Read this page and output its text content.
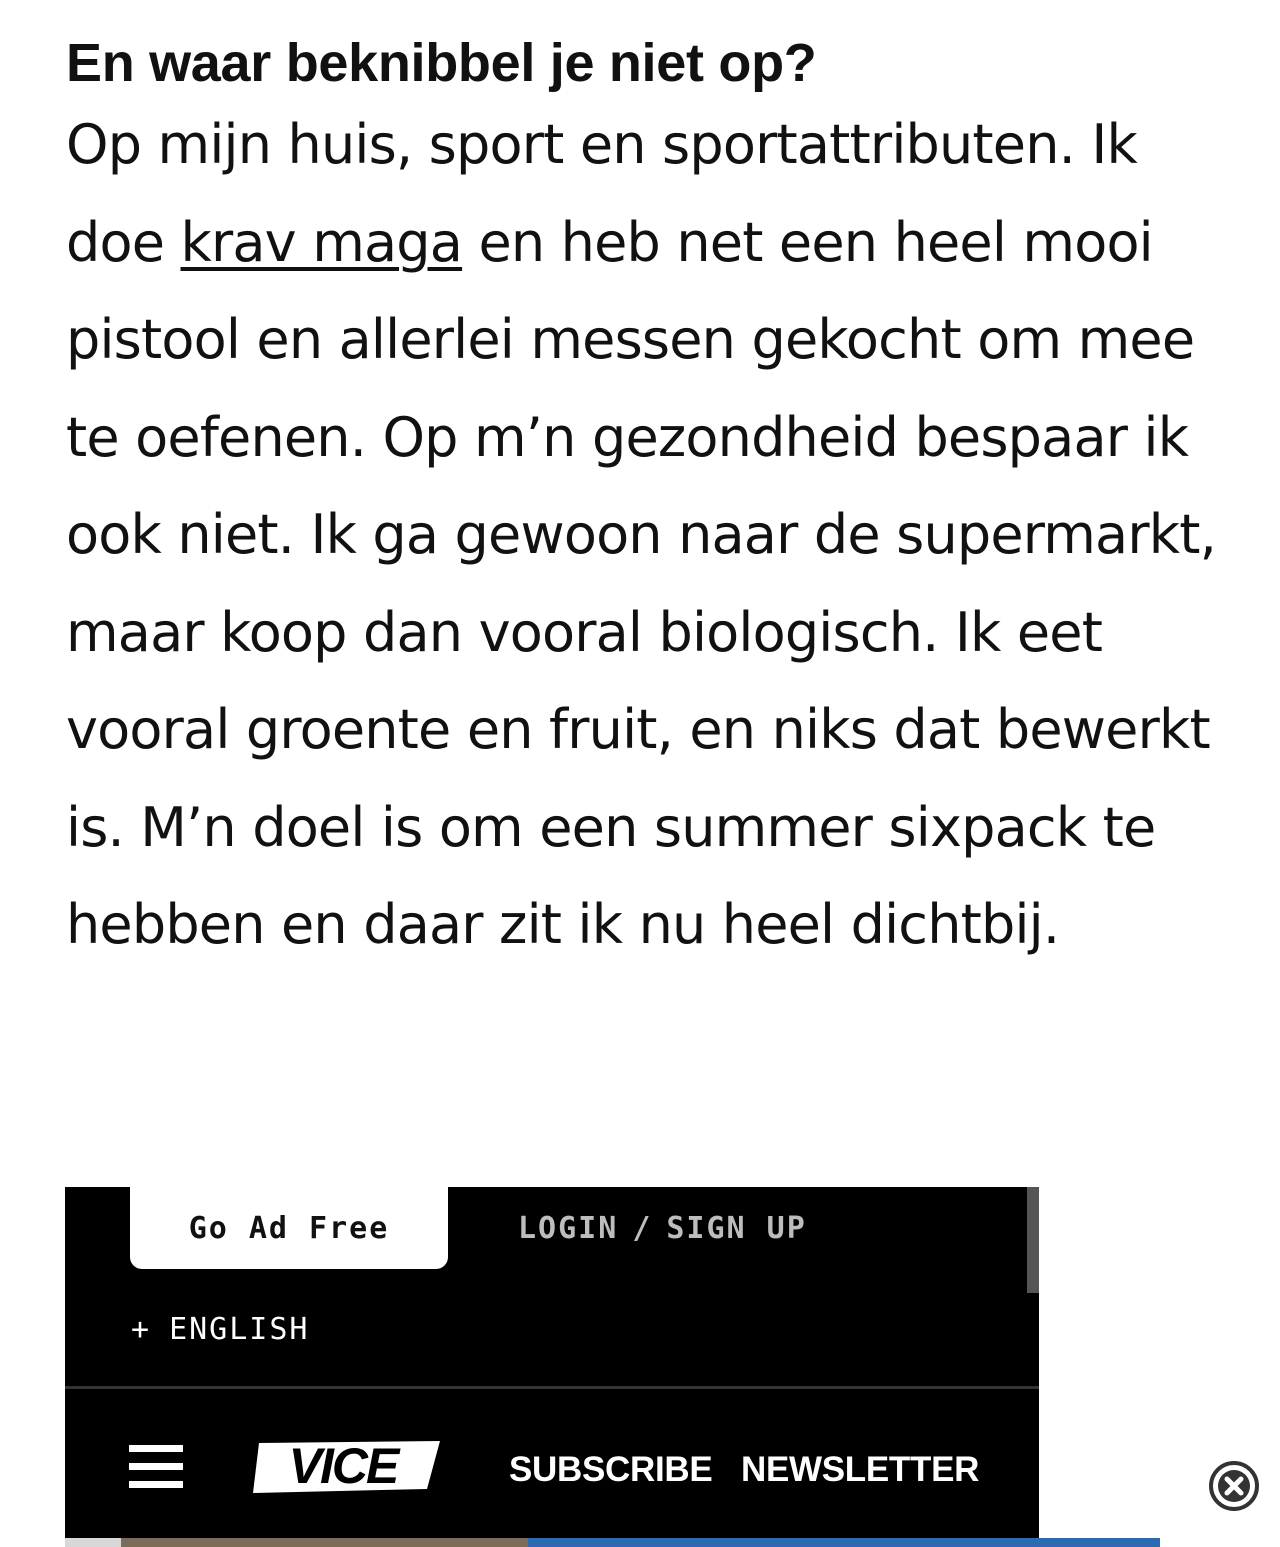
En waar beknibbel je niet op?

Op mijn huis, sport en sportattributen. Ik doe krav maga en heb net een heel mooi pistool en allerlei messen gekocht om mee te oefenen. Op m’n gezondheid bespaar ik ook niet. Ik ga gewoon naar de supermarkt, maar koop dan vooral biologisch. Ik eet vooral groente en fruit, en niks dat bewerkt is. M’n doel is om een summer sixpack te hebben en daar zit ik nu heel dichtbij.

Go Ad Free	LOGIN / SIGN UP
+ ENGLISH
VICE	SUBSCRIBE NEWSLETTER
